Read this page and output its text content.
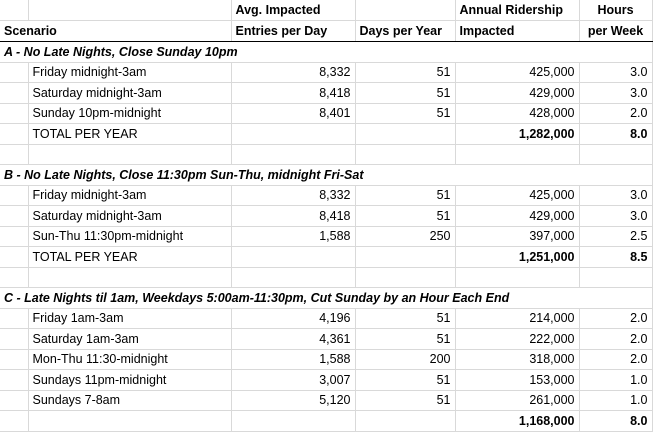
		Avg. Impacted		Annual Ridership	Hours
Scenario		Entries per Day	Days per Year	Impacted	per Week
A - No Late Nights, Close Sunday 10pm					
	Friday midnight-3am	8,332	51	425,000	3.0
	Saturday midnight-3am	8,418	51	429,000	3.0
	Sunday 10pm-midnight	8,401	51	428,000	2.0
	TOTAL PER YEAR			1,282,000	8.0

B - No Late Nights, Close 11:30pm Sun-Thu, midnight Fri-Sat					
	Friday midnight-3am	8,332	51	425,000	3.0
	Saturday midnight-3am	8,418	51	429,000	3.0
	Sun-Thu 11:30pm-midnight	1,588	250	397,000	2.5
	TOTAL PER YEAR			1,251,000	8.5

C - Late Nights til 1am, Weekdays 5:00am-11:30pm, Cut Sunday by an Hour Each End					
	Friday 1am-3am	4,196	51	214,000	2.0
	Saturday 1am-3am	4,361	51	222,000	2.0
	Mon-Thu 11:30-midnight	1,588	200	318,000	2.0
	Sundays 11pm-midnight	3,007	51	153,000	1.0
	Sundays 7-8am	5,120	51	261,000	1.0
				1,168,000	8.0
